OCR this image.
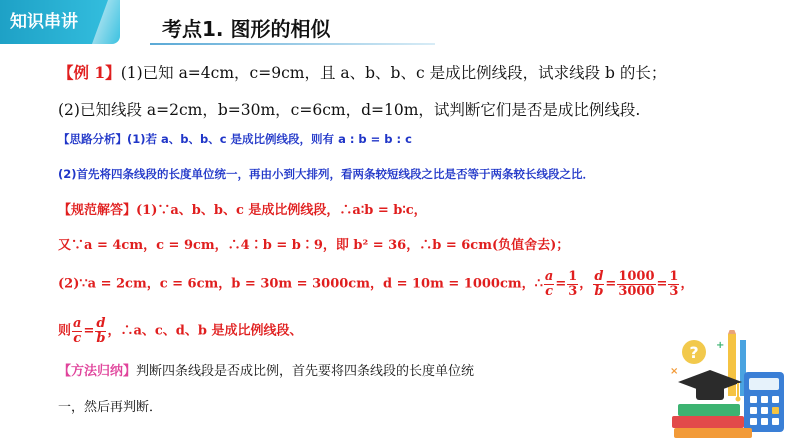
知识串讲	考点1. 图形的相似
【例 1】(1)已知 a=4cm，c=9cm，且 a、b、b、c 是成比例线段，试求线段 b 的长；
(2)已知线段 a=2cm，b=30m，c=6cm，d=10m，试判断它们是否是成比例线段.
【思路分析】(1)若 a、b、b、c 是成比例线段，则有 a : b = b : c
(2)首先将四条线段的长度单位统一，再由小到大排列，看两条较短线段之比是否等于两条较长线段之比．
【规范解答】(1)∵a、b、b、c 是成比例线段，∴a∶b = b∶c，
又∵a = 4cm，c = 9cm，∴4∶b = b∶9，即 b² = 36，∴b = 6cm(负值舍去)；
(2)∵a = 2cm，c = 6cm，b = 30m = 3000cm，d = 10m = 1000cm，∴ $\frac{a}{c} = \frac{1}{3}$ ， $\frac{d}{b} = \frac{1000}{3000} = \frac{1}{3}$ ，
则 $\frac{a}{c} = \frac{d}{b}$ ，∴a、c、d、b 是成比例线段、
【方法归纳】判断四条线段是否成比例，首先要将四条线段的长度单位统
一，然后再判断．
?
×
+
